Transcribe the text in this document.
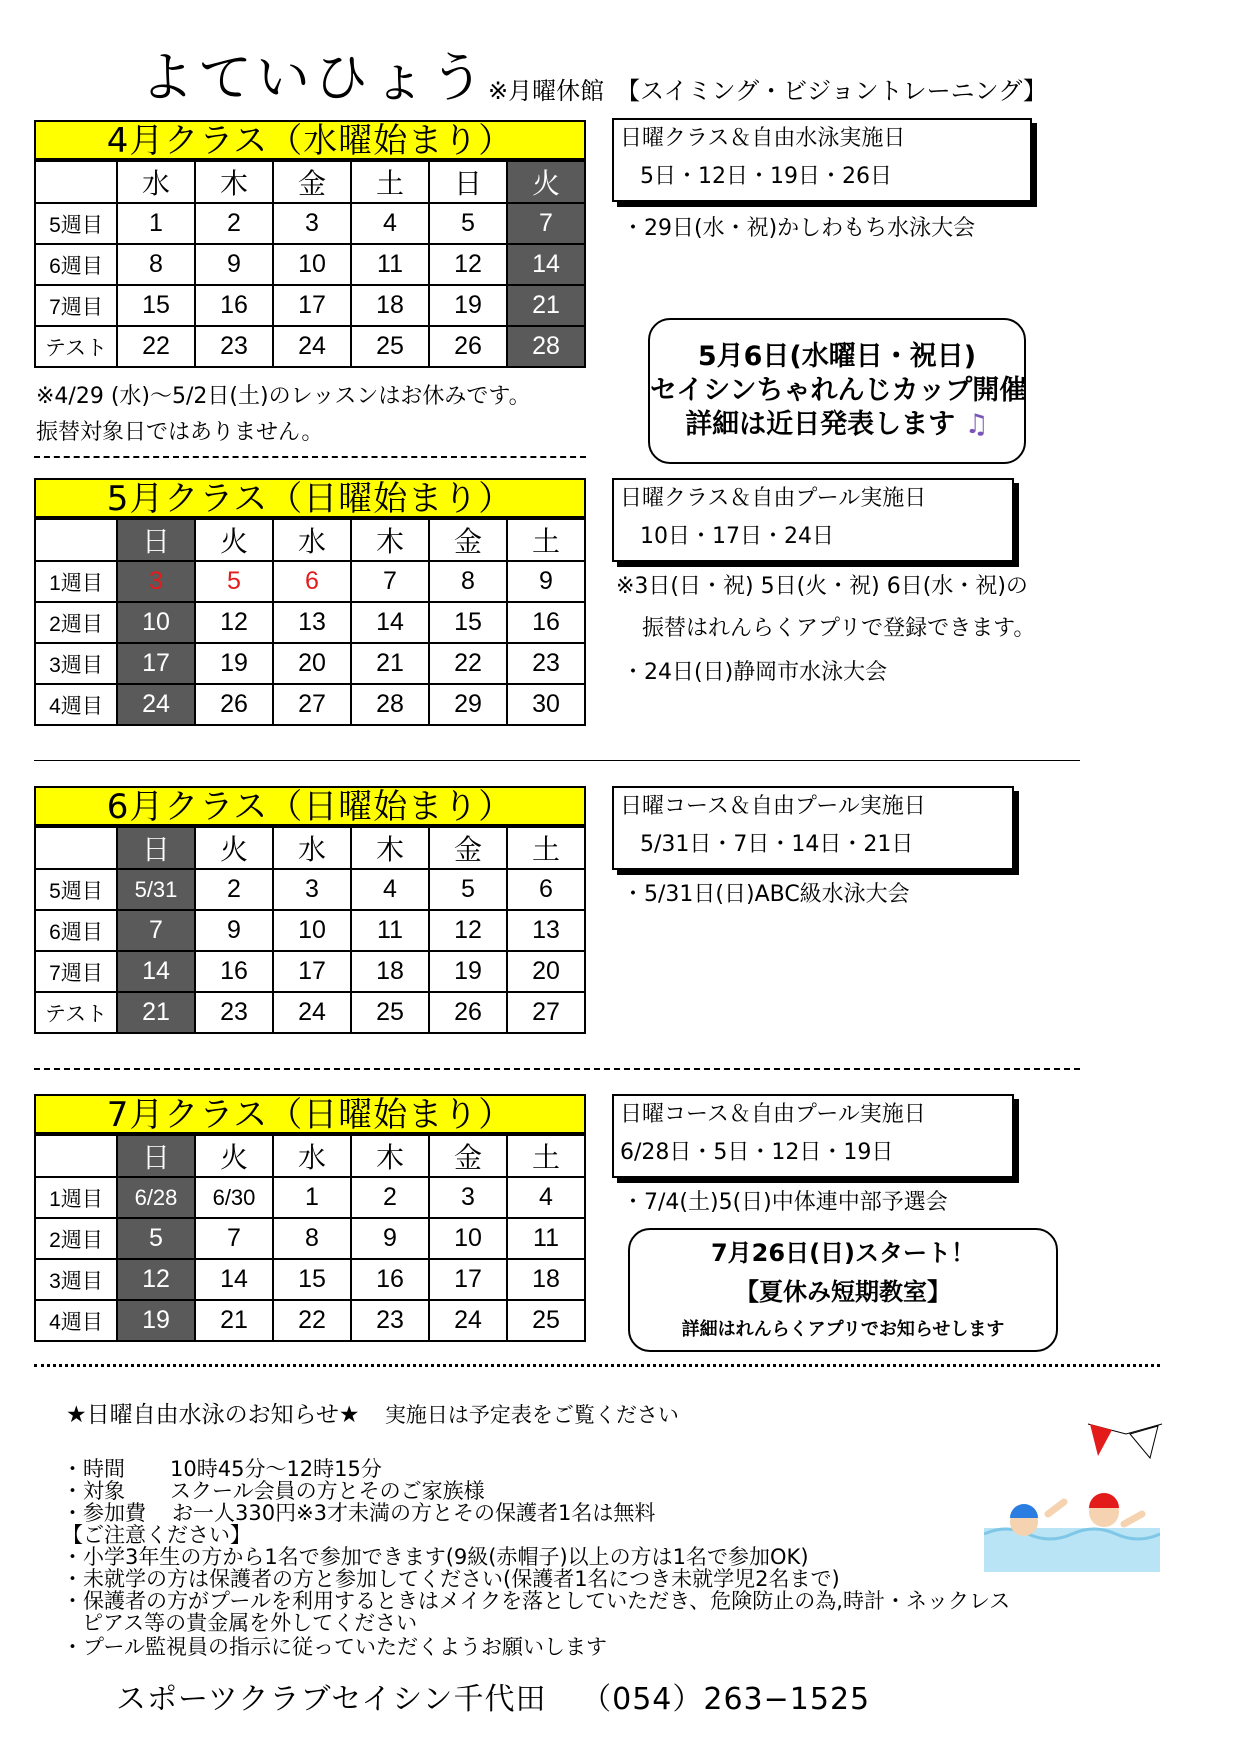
よていひょう ※月曜休館　【スイミング・ビジョントレーニング】
4月クラス（水曜始まり）
	水	木	金	土	日	火
5週目	1	2	3	4	5	7
6週目	8	9	10	11	12	14
7週目	15	16	17	18	19	21
テスト	22	23	24	25	26	28
※4/29 (水)～5/2日(土)のレッスンはお休みです。
振替対象日ではありません。
日曜クラス＆自由水泳実施日
5日・12日・19日・26日
・29日(水・祝)かしわもち水泳大会
5月6日(水曜日・祝日)
セイシンちゃれんじカップ開催
詳細は近日発表します ♫
5月クラス（日曜始まり）
	日	火	水	木	金	土
1週目	3	5	6	7	8	9
2週目	10	12	13	14	15	16
3週目	17	19	20	21	22	23
4週目	24	26	27	28	29	30
日曜クラス＆自由プール実施日
10日・17日・24日
※3日(日・祝) 5日(火・祝) 6日(水・祝)の
振替はれんらくアプリで登録できます。
・24日(日)静岡市水泳大会
6月クラス（日曜始まり）
	日	火	水	木	金	土
5週目	5/31	2	3	4	5	6
6週目	7	9	10	11	12	13
7週目	14	16	17	18	19	20
テスト	21	23	24	25	26	27
日曜コース＆自由プール実施日
5/31日・7日・14日・21日
・5/31日(日)ABC級水泳大会
7月クラス（日曜始まり）
	日	火	水	木	金	土
1週目	6/28	6/30	1	2	3	4
2週目	5	7	8	9	10	11
3週目	12	14	15	16	17	18
4週目	19	21	22	23	24	25
日曜コース＆自由プール実施日
6/28日・5日・12日・19日
・7/4(土)5(日)中体連中部予選会
7月26日(日)スタート！
【夏休み短期教室】
詳細はれんらくアプリでお知らせします
★日曜自由水泳のお知らせ★ 実施日は予定表をご覧ください
・時間 10時45分～12時15分
・対象 スクール会員の方とそのご家族様
・参加費 お一人330円※3才未満の方とその保護者1名は無料
【ご注意ください】
・小学3年生の方から1名で参加できます(9級(赤帽子)以上の方は1名で参加OK)
・未就学の方は保護者の方と参加してください(保護者1名につき未就学児2名まで)
・保護者の方がプールを利用するときはメイクを落としていただき、危険防止の為,時計・ネックレス
ピアス等の貴金属を外してください
・プール監視員の指示に従っていただくようお願いします
スポーツクラブセイシン千代田 （054）263−1525
